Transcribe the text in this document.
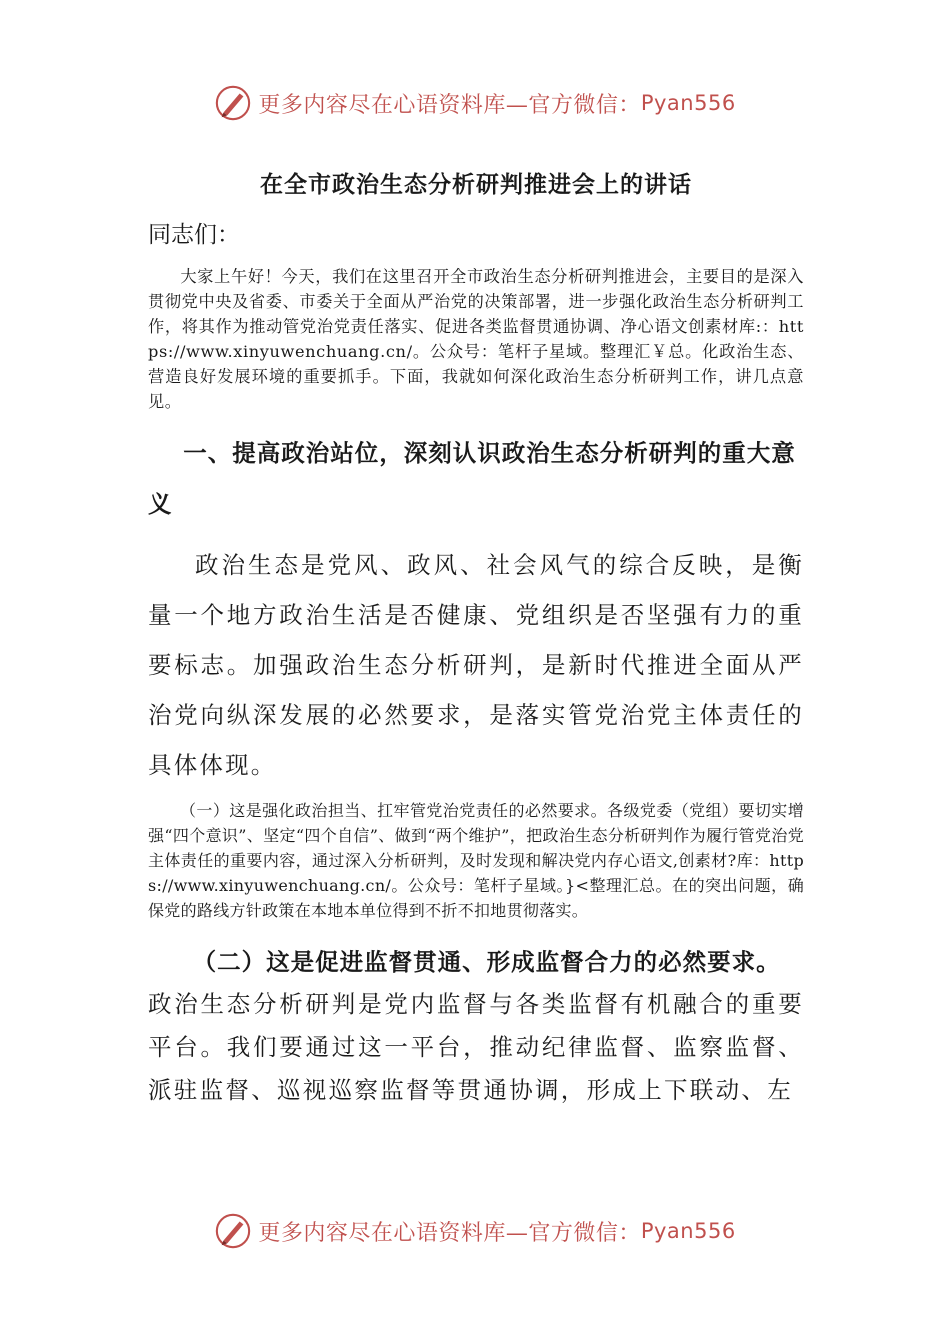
更多内容尽在心语资料库—官方微信： Pyan556
在全市政治生态分析研判推进会上的讲话

同志们：

大家上午好！今天，我们在这里召开全市政治生态分析研判推进会，主要目的是深入贯彻党中央及省委、市委关于全面从严治党的决策部署，进一步强化政治生态分析研判工作，将其作为推动管党治党责任落实、促进各类监督贯通协调、净心语文创素材库:：https://www.xinyuwenchuang.cn/。公众号：笔杆子星域。整理汇￥总。化政治生态、营造良好发展环境的重要抓手。下面，我就如何深化政治生态分析研判工作，讲几点意见。

一、提高政治站位，深刻认识政治生态分析研判的重大意义

政治生态是党风、政风、社会风气的综合反映，是衡量一个地方政治生活是否健康、党组织是否坚强有力的重要标志。加强政治生态分析研判，是新时代推进全面从严治党向纵深发展的必然要求，是落实管党治党主体责任的具体体现。

（一）这是强化政治担当、扛牢管党治党责任的必然要求。各级党委（党组）要切实增强“四个意识”、坚定“四个自信”、做到“两个维护”，把政治生态分析研判作为履行管党治党主体责任的重要内容，通过深入分析研判，及时发现和解决党内存心语文,创素材?库：https://www.xinyuwenchuang.cn/。公众号：笔杆子星域。}<整理汇总。在的突出问题，确保党的路线方针政策在本地本单位得到不折不扣地贯彻落实。

（二）这是促进监督贯通、形成监督合力的必然要求。

政治生态分析研判是党内监督与各类监督有机融合的重要平台。我们要通过这一平台，推动纪律监督、监察监督、派驻监督、巡视巡察监督等贯通协调，形成上下联动、左

更多内容尽在心语资料库—官方微信： Pyan556
